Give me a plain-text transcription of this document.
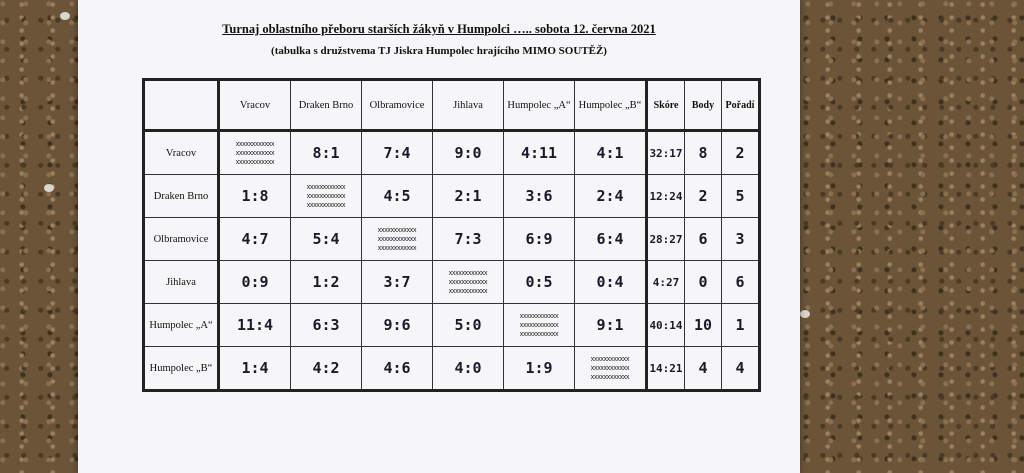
Turnaj oblastního přeboru starších žákyň v Humpolci ….. sobota 12. června 2021
(tabulka s družstvema TJ Jiskra Humpolec hrajícího MIMO SOUTĚŽ)
	Vracov	Draken Brno	Olbramovice	Jihlava	Humpolec „A“	Humpolec „B“	Skóre	Body	Pořadí
Vracov	xxxxxxxxxxxx
xxxxxxxxxxxx
xxxxxxxxxxxx	8:1	7:4	9:0	4:11	4:1	32:17	8	2
Draken Brno	1:8	xxxxxxxxxxxx
xxxxxxxxxxxx
xxxxxxxxxxxx	4:5	2:1	3:6	2:4	12:24	2	5
Olbramovice	4:7	5:4	xxxxxxxxxxxx
xxxxxxxxxxxx
xxxxxxxxxxxx	7:3	6:9	6:4	28:27	6	3
Jihlava	0:9	1:2	3:7	xxxxxxxxxxxx
xxxxxxxxxxxx
xxxxxxxxxxxx	0:5	0:4	4:27	0	6
Humpolec „A“	11:4	6:3	9:6	5:0	xxxxxxxxxxxx
xxxxxxxxxxxx
xxxxxxxxxxxx	9:1	40:14	10	1
Humpolec „B“	1:4	4:2	4:6	4:0	1:9	xxxxxxxxxxxx
xxxxxxxxxxxx
xxxxxxxxxxxx	14:21	4	4
